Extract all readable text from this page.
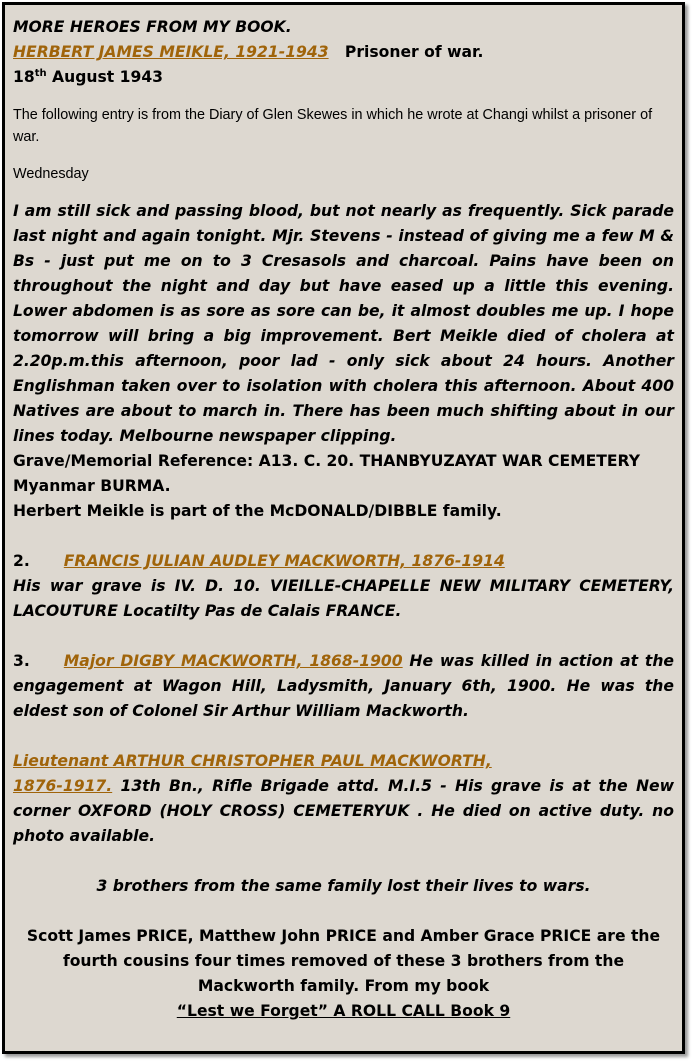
MORE HEROES FROM MY BOOK.

HERBERT JAMES MEIKLE, 1921-1943 Prisoner of war.

18th August 1943

The following entry is from the Diary of Glen Skewes in which he wrote at Changi whilst a prisoner of war.

Wednesday

I am still sick and passing blood, but not nearly as frequently. Sick parade last night and again tonight. Mjr. Stevens - instead of giving me a few M & Bs - just put me on to 3 Cresasols and charcoal. Pains have been on throughout the night and day but have eased up a little this evening. Lower abdomen is as sore as sore can be, it almost doubles me up. I hope tomorrow will bring a big improvement. Bert Meikle died of cholera at 2.20p.m.this afternoon, poor lad - only sick about 24 hours. Another Englishman taken over to isolation with cholera this afternoon. About 400 Natives are about to march in. There has been much shifting about in our lines today. Melbourne newspaper clipping.

Grave/Memorial Reference: A13. C. 20. THANBYUZAYAT WAR CEMETERY

Myanmar BURMA.

Herbert Meikle is part of the McDONALD/DIBBLE family.

2. FRANCIS JULIAN AUDLEY MACKWORTH, 1876-1914

His war grave is IV. D. 10. VIEILLE-CHAPELLE NEW MILITARY CEMETERY, LACOUTURE Locatilty Pas de Calais FRANCE.

3. Major DIGBY MACKWORTH, 1868-1900 He was killed in action at the engagement at Wagon Hill, Ladysmith, January 6th, 1900. He was the eldest son of Colonel Sir Arthur William Mackworth.

Lieutenant ARTHUR CHRISTOPHER PAUL MACKWORTH,

1876-1917. 13th Bn., Rifle Brigade attd. M.I.5 - His grave is at the New corner OXFORD (HOLY CROSS) CEMETERYUK . He died on active duty. no photo available.

3 brothers from the same family lost their lives to wars.

Scott James PRICE, Matthew John PRICE and Amber Grace PRICE are the fourth cousins four times removed of these 3 brothers from the Mackworth family. From my book

“Lest we Forget” A ROLL CALL Book 9
